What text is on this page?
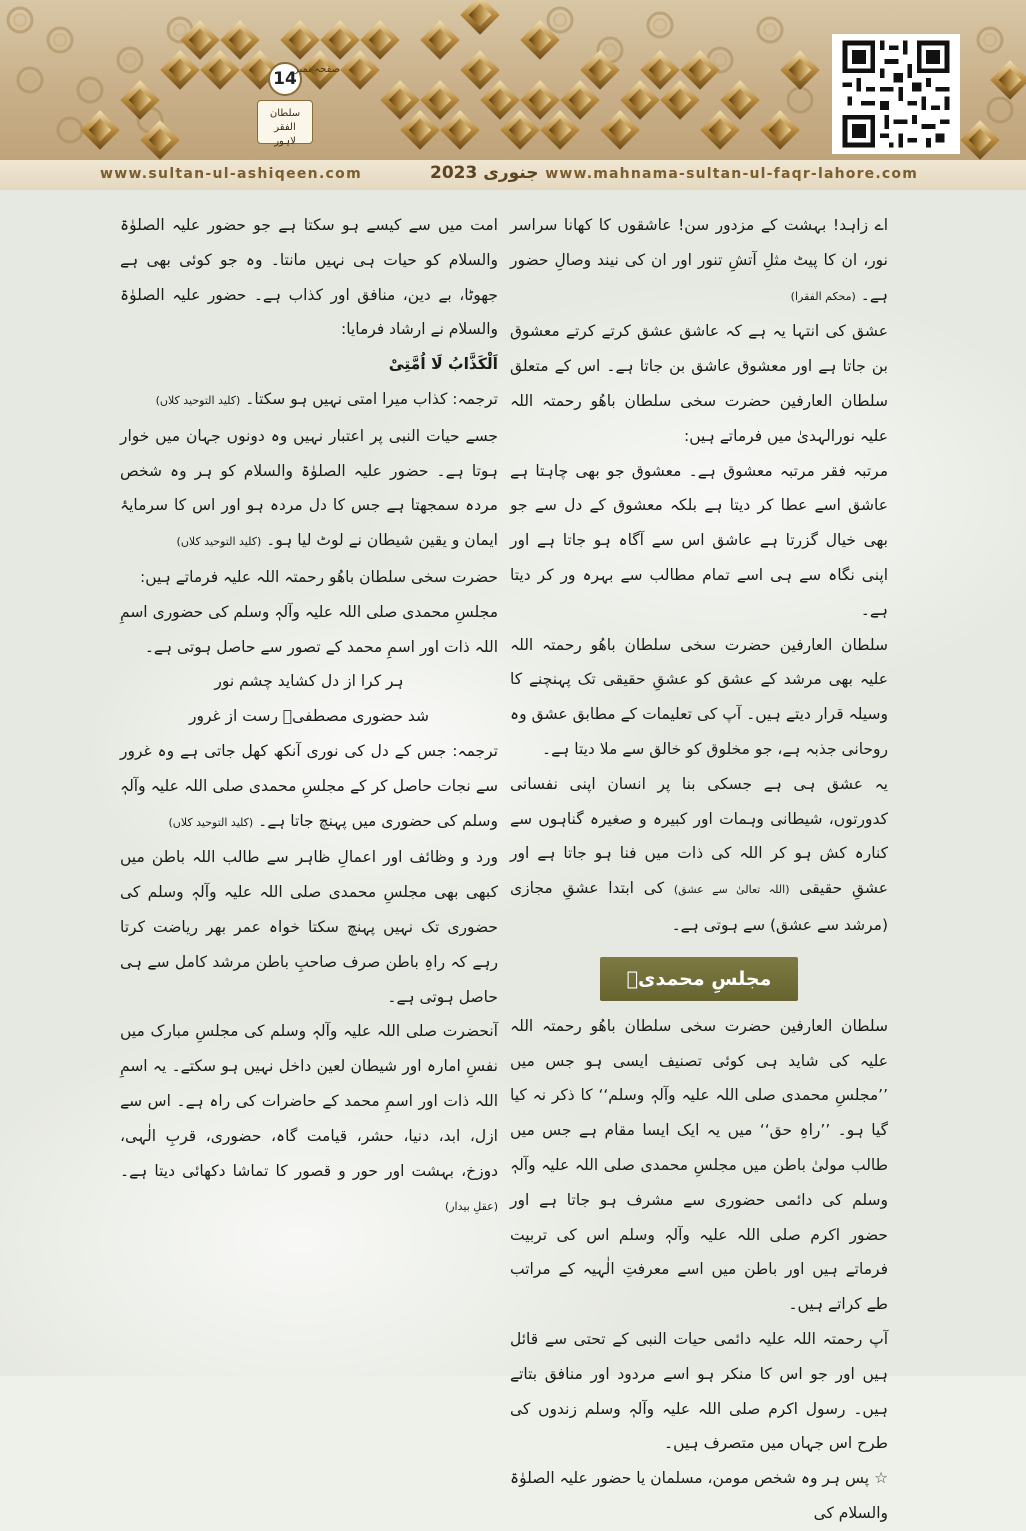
14
صفحہ نمبر
سلطان الفقر
لاہور
www.sultan-ul-ashiqeen.com	جنوری 2023	www.mahnama-sultan-ul-faqr-lahore.com

اے زاہد! بہشت کے مزدور سن! عاشقوں کا کھانا سراسر نور، ان کا پیٹ مثلِ آتشِ تنور اور ان کی نیند وصالِ حضور ہے۔ (محکم الفقرا)

عشق کی انتہا یہ ہے کہ عاشق عشق کرتے کرتے معشوق بن جاتا ہے اور معشوق عاشق بن جاتا ہے۔ اس کے متعلق سلطان العارفین حضرت سخی سلطان باھُو رحمتہ اللہ علیہ نورالہدیٰ میں فرماتے ہیں:

مرتبہ فقر مرتبہ معشوق ہے۔ معشوق جو بھی چاہتا ہے عاشق اسے عطا کر دیتا ہے بلکہ معشوق کے دل سے جو بھی خیال گزرتا ہے عاشق اس سے آگاہ ہو جاتا ہے اور اپنی نگاہ سے ہی اسے تمام مطالب سے بہرہ ور کر دیتا ہے۔

سلطان العارفین حضرت سخی سلطان باھُو رحمتہ اللہ علیہ بھی مرشد کے عشق کو عشقِ حقیقی تک پہنچنے کا وسیلہ قرار دیتے ہیں۔ آپ کی تعلیمات کے مطابق عشق وہ روحانی جذبہ ہے، جو مخلوق کو خالق سے ملا دیتا ہے۔

یہ عشق ہی ہے جسکی بنا پر انسان اپنی نفسانی کدورتوں، شیطانی وہمات اور کبیرہ و صغیرہ گناہوں سے کنارہ کش ہو کر اللہ کی ذات میں فنا ہو جاتا ہے اور عشقِ حقیقی (اللہ تعالیٰ سے عشق) کی ابتدا عشقِ مجازی (مرشد سے عشق) سے ہوتی ہے۔

مجلسِ محمدیؐ

سلطان العارفین حضرت سخی سلطان باھُو رحمتہ اللہ علیہ کی شاید ہی کوئی تصنیف ایسی ہو جس میں ’’مجلسِ محمدی صلی اللہ علیہ وآلہٖ وسلم‘‘ کا ذکر نہ کیا گیا ہو۔ ’’راہِ حق‘‘ میں یہ ایک ایسا مقام ہے جس میں طالب مولیٰ باطن میں مجلسِ محمدی صلی اللہ علیہ وآلہٖ وسلم کی دائمی حضوری سے مشرف ہو جاتا ہے اور حضور اکرم صلی اللہ علیہ وآلہٖ وسلم اس کی تربیت فرماتے ہیں اور باطن میں اسے معرفتِ الٰہیہ کے مراتب طے کراتے ہیں۔

آپ رحمتہ اللہ علیہ دائمی حیات النبی کے تحتی سے قائل ہیں اور جو اس کا منکر ہو اسے مردود اور منافق بتاتے ہیں۔ رسول اکرم صلی اللہ علیہ وآلہٖ وسلم زندوں کی طرح اس جہاں میں متصرف ہیں۔

☆ پس ہر وہ شخص مومن، مسلمان یا حضور علیہ الصلوٰۃ والسلام کی

امت میں سے کیسے ہو سکتا ہے جو حضور علیہ الصلوٰۃ والسلام کو حیات ہی نہیں مانتا۔ وہ جو کوئی بھی ہے جھوٹا، بے دین، منافق اور کذاب ہے۔ حضور علیہ الصلوٰۃ والسلام نے ارشاد فرمایا:

اَلْکَذَّابُ لَا اُمَّتِیْ

ترجمہ: کذاب میرا امتی نہیں ہو سکتا۔ (کلید التوحید کلاں)

جسے حیات النبی پر اعتبار نہیں وہ دونوں جہان میں خوار ہوتا ہے۔ حضور علیہ الصلوٰۃ والسلام کو ہر وہ شخص مردہ سمجھتا ہے جس کا دل مردہ ہو اور اس کا سرمایۂ ایمان و یقین شیطان نے لوٹ لیا ہو۔ (کلید التوحید کلاں)

حضرت سخی سلطان باھُو رحمتہ اللہ علیہ فرماتے ہیں:

مجلسِ محمدی صلی اللہ علیہ وآلہٖ وسلم کی حضوری اسمِ اللہ ذات اور اسمِ محمد کے تصور سے حاصل ہوتی ہے۔

ہر کرا از دل کشاید چشم نور

شد حضوری مصطفیؐ رست از غرور

ترجمہ: جس کے دل کی نوری آنکھ کھل جاتی ہے وہ غرور سے نجات حاصل کر کے مجلسِ محمدی صلی اللہ علیہ وآلہٖ وسلم کی حضوری میں پہنچ جاتا ہے۔ (کلید التوحید کلاں)

ورد و وظائف اور اعمالِ ظاہر سے طالب اللہ باطن میں کبھی بھی مجلسِ محمدی صلی اللہ علیہ وآلہٖ وسلم کی حضوری تک نہیں پہنچ سکتا خواہ عمر بھر ریاضت کرتا رہے کہ راہِ باطن صرف صاحبِ باطن مرشد کامل سے ہی حاصل ہوتی ہے۔

آنحضرت صلی اللہ علیہ وآلہٖ وسلم کی مجلسِ مبارک میں نفسِ امارہ اور شیطان لعین داخل نہیں ہو سکتے۔ یہ اسمِ اللہ ذات اور اسمِ محمد کے حاضرات کی راہ ہے۔ اس سے ازل، ابد، دنیا، حشر، قیامت گاہ، حضوری، قربِ الٰہی، دوزخ، بہشت اور حور و قصور کا تماشا دکھائی دیتا ہے۔ (عقلِ بیدار)
